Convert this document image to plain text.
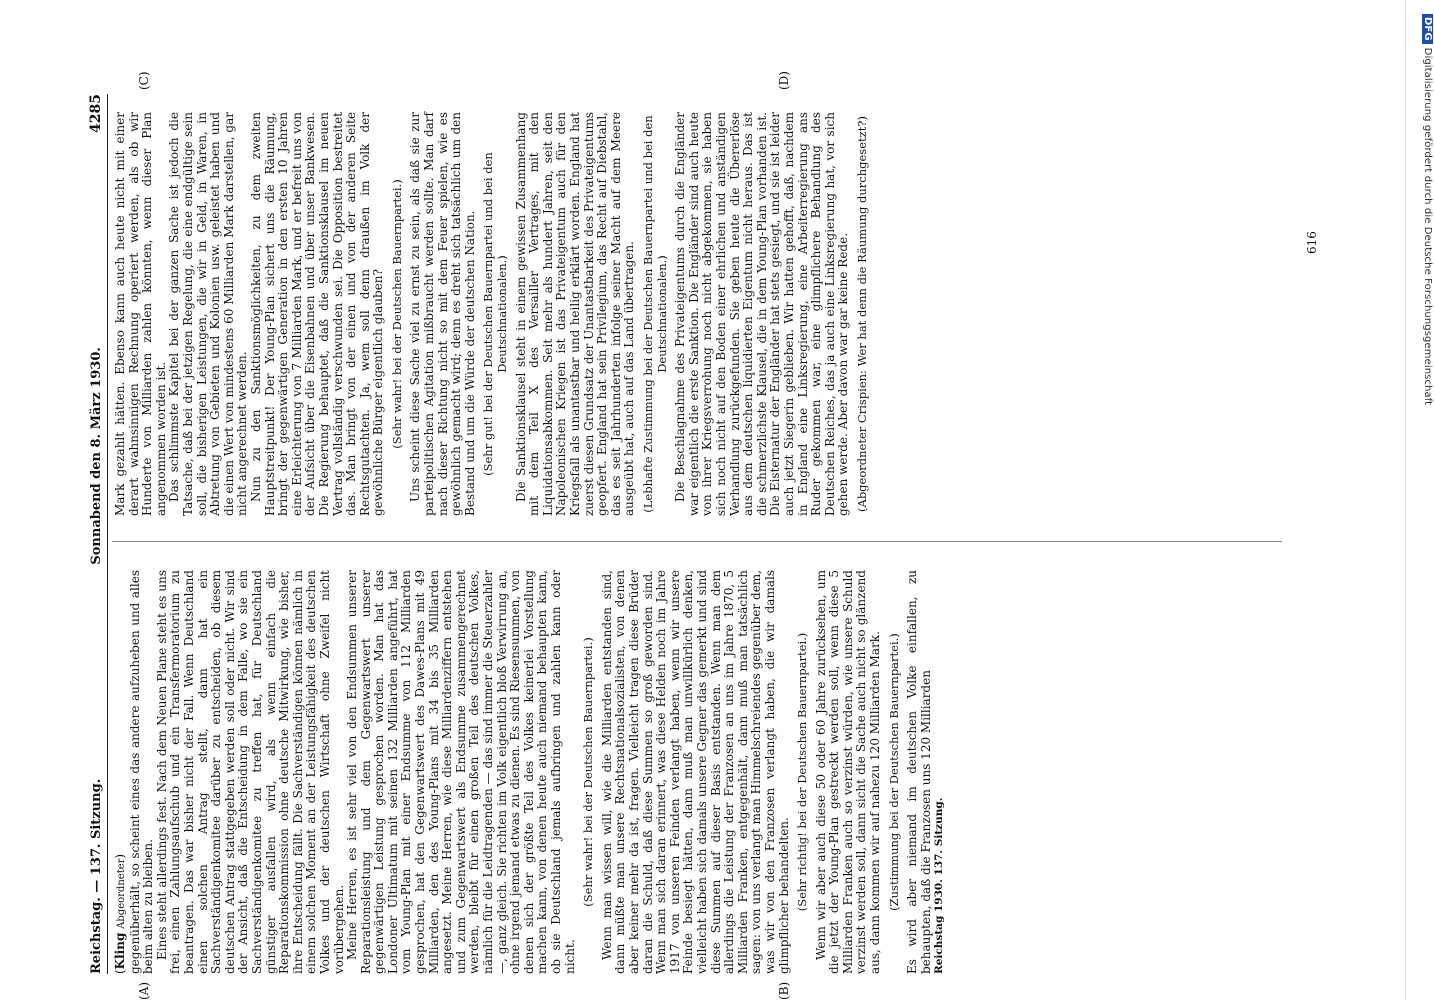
DFGDigitalisierung gefördert durch die Deutsche Forschungsgemeinschaft
Reichstag. — 137. Sitzung.
Sonnabend den 8. März 1930.
4285
(A)	(B)
(C)	(D)

(Kling Abgeordneter) gegenüberhält, so scheint eines das andere aufzuheben und alles beim alten zu bleiben. Eines steht allerdings fest. Nach dem Neuen Plane steht es uns frei, einen Zahlungsaufschub und ein Transfermoratorium zu beantragen. Das war bisher nicht der Fall. Wenn Deutschland einen solchen Antrag stellt, dann hat ein Sachverständigenkomitee darüber zu entscheiden, ob diesem deutschen Antrag stattgegeben werden soll oder nicht. Wir sind der Ansicht, daß die Entscheidung in dem Falle, wo sie ein Sachverständigenkomitee zu treffen hat, für Deutschland günstiger ausfallen wird, als wenn einfach die Reparationskommission ohne deutsche Mitwirkung, wie bisher, ihre Entscheidung fällt. Die Sachverständigen können nämlich in einem solchen Moment an der Leistungsfähigkeit des deutschen Volkes und der deutschen Wirtschaft ohne Zweifel nicht vorübergehen. Meine Herren, es ist sehr viel von den Endsummen unserer Reparationsleistung und dem Gegenwartswert unserer gegenwärtigen Leistung gesprochen worden. Man hat das Londoner Ultimatum mit seinen 132 Milliarden angeführt, hat vom Young-Plan mit einer Endsumme von 112 Milliarden gesprochen, hat den Gegenwartswert des Dawes-Plans mit 49 Milliarden, den des Young-Plans mit 34 bis 35 Milliarden angesetzt. Meine Herren, wie diese Milliardenziffern entstehen und zum Gegenwartswert als Endsumme zusammengerechnet werden, bleibt für einen großen Teil des deutschen Volkes, nämlich für die Leidtragenden — das sind immer die Steuerzahler —, ganz gleich. Sie richten im Volk eigentlich bloß Verwirrung an, ohne irgend jemand etwas zu dienen. Es sind Riesensummen, von denen sich der größte Teil des Volkes keinerlei Vorstellung machen kann, von denen heute auch niemand behaupten kann, ob sie Deutschland jemals aufbringen und zahlen kann oder nicht.

(Sehr wahr! bei der Deutschen Bauernpartei.) Wenn man wissen will, wie die Milliarden entstanden sind, dann müßte man unsere Rechtsnationalsozialisten, von denen aber keiner mehr da ist, fragen. Vielleicht tragen diese Brüder daran die Schuld, daß diese Summen so groß geworden sind. Wenn man sich daran erinnert, was diese Helden noch im Jahre 1917 von unseren Feinden verlangt haben, wenn wir unsere Feinde besiegt hätten, dann muß man unwillkürlich denken, vielleicht haben sich damals unsere Gegner das gemerkt und sind diese Summen auf dieser Basis entstanden. Wenn man dem allerdings die Leistung der Franzosen an uns im Jahre 1870, 5 Milliarden Franken, entgegenhält, dann muß man tatsächlich sagen: von uns verlangt man Himmelschreiendes gegenüber dem, was wir von den Franzosen verlangt haben, die wir damals glimpflicher behandelten. (Sehr richtig! bei der Deutschen Bauernpartei.) Wenn wir aber auch diese 50 oder 60 Jahre zurücksehen, um die jetzt der Young-Plan gestreckt werden soll, wenn diese 5 Milliarden Franken auch so verzinst würden, wie unsere Schuld verzinst werden soll, dann sicht die Sache auch nicht so glänzend aus, dann kommen wir auf nahezu 120 Milliarden Mark. (Zustimmung bei der Deutschen Bauernpartei.) Es wird aber niemand im deutschen Volke einfallen, zu behaupten, daß die Franzosen uns 120 Milliarden Reichstag 1930. 137. Sitzung.

Mark gezahlt hätten. Ebenso kann auch heute nicht mit einer derart wahnsinnigen Rechnung operiert werden, als ob wir Hunderte von Milliarden zahlen könnten, wenn dieser Plan angenommen worden ist. Das schlimmste Kapitel bei der ganzen Sache ist jedoch die Tatsache, daß bei der jetzigen Regelung, die eine endgültige sein soll, die bisherigen Leistungen, die wir in Geld, in Waren, in Abtretung von Gebieten und Kolonien usw. geleistet haben und die einen Wert von mindestens 60 Milliarden Mark darstellen, gar nicht angerechnet werden. Nun zu den Sanktionsmöglichkeiten, zu dem zweiten Hauptstreitpunkt! Der Young-Plan sichert uns die Räumung, bringt der gegenwärtigen Generation in den ersten 10 Jahren eine Erleichterung von 7 Milliarden Mark, und er befreit uns von der Aufsicht über die Eisenbahnen und über unser Bankwesen. Die Regierung behauptet, daß die Sanktionsklausel im neuen Vertrag vollständig verschwunden sei. Die Opposition bestreitet das. Man bringt von der einen und von der anderen Seite Rechtsgutachten. Ja, wem soll denn draußen im Volk der gewöhnliche Bürger eigentlich glauben? (Sehr wahr! bei der Deutschen Bauernpartei.) Uns scheint diese Sache viel zu ernst zu sein, als daß sie zur parteipolitischen Agitation mißbraucht werden sollte. Man darf nach dieser Richtung nicht so mit dem Feuer spielen, wie es gewöhnlich gemacht wird; denn es dreht sich tatsächlich um den Bestand und um die Würde der deutschen Nation. (Sehr gut! bei der Deutschen Bauernpartei und bei den Deutschnationalen.) Die Sanktionsklausel steht in einem gewissen Zusammenhang mit dem Teil X des Versailler Vertrages, mit den Liquidationsabkommen. Seit mehr als hundert Jahren, seit den Napoleonischen Kriegen ist das Privateigentum auch für den Kriegsfall als unantastbar und heilig erklärt worden. England hat zuerst diesen Grundsatz der Unantastbarkeit des Privateigentums geopfert. England hat sein Privilegium, das Recht auf Diebstahl, das es seit Jahrhunderten infolge seiner Macht auf dem Meere ausgeübt hat, auch auf das Land übertragen. (Lebhafte Zustimmung bei der Deutschen Bauernpartei und bei den Deutschnationalen.) Die Beschlagnahme des Privateigentums durch die Engländer war eigentlich die erste Sanktion. Die Engländer sind auch heute von ihrer Kriegsverrohung noch nicht abgekommen, sie haben sich noch nicht auf den Boden einer ehrlichen und anständigen Verhandlung zurückgefunden. Sie geben heute die Übererlöse aus dem deutschen liquidierten Eigentum nicht heraus. Das ist die schmerzlichste Klausel, die in dem Young-Plan vorhanden ist. Die Eisternatur der Engländer hat stets gesiegt, und sie ist leider auch jetzt Siegerin geblieben. Wir hatten gehofft, daß, nachdem in England eine Linksregierung, eine Arbeiterregierung ans Ruder gekommen war, eine glimpflichere Behandlung des Deutschen Reiches, das ja auch eine Linksregierung hat, vor sich gehen werde. Aber davon war gar keine Rede. (Abgeordneter Crispien: Wer hat denn die Räumung durchgesetzt?)	616
